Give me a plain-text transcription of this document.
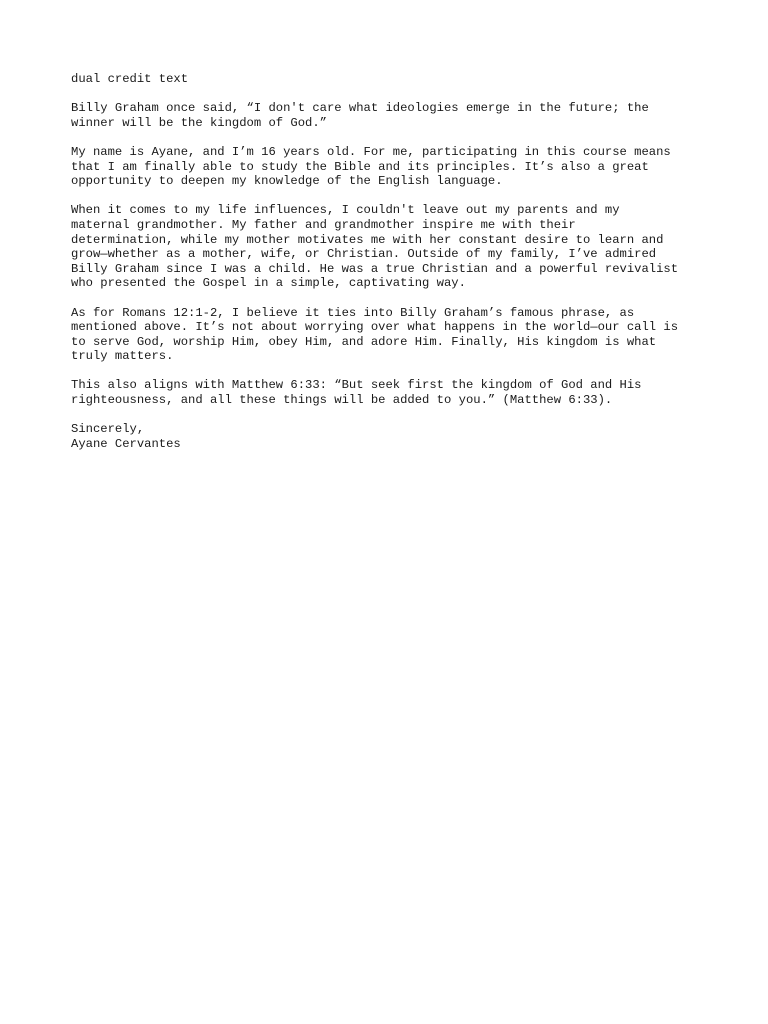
dual credit text
Billy Graham once said, “I don't care what ideologies emerge in the future; the
winner will be the kingdom of God.”
My name is Ayane, and I’m 16 years old. For me, participating in this course means
that I am finally able to study the Bible and its principles. It’s also a great
opportunity to deepen my knowledge of the English language.
When it comes to my life influences, I couldn't leave out my parents and my
maternal grandmother. My father and grandmother inspire me with their
determination, while my mother motivates me with her constant desire to learn and
grow—whether as a mother, wife, or Christian. Outside of my family, I’ve admired
Billy Graham since I was a child. He was a true Christian and a powerful revivalist
who presented the Gospel in a simple, captivating way.
As for Romans 12:1-2, I believe it ties into Billy Graham’s famous phrase, as
mentioned above. It’s not about worrying over what happens in the world—our call is
to serve God, worship Him, obey Him, and adore Him. Finally, His kingdom is what
truly matters.
This also aligns with Matthew 6:33: “But seek first the kingdom of God and His
righteousness, and all these things will be added to you.” (Matthew 6:33).
Sincerely,
Ayane Cervantes
